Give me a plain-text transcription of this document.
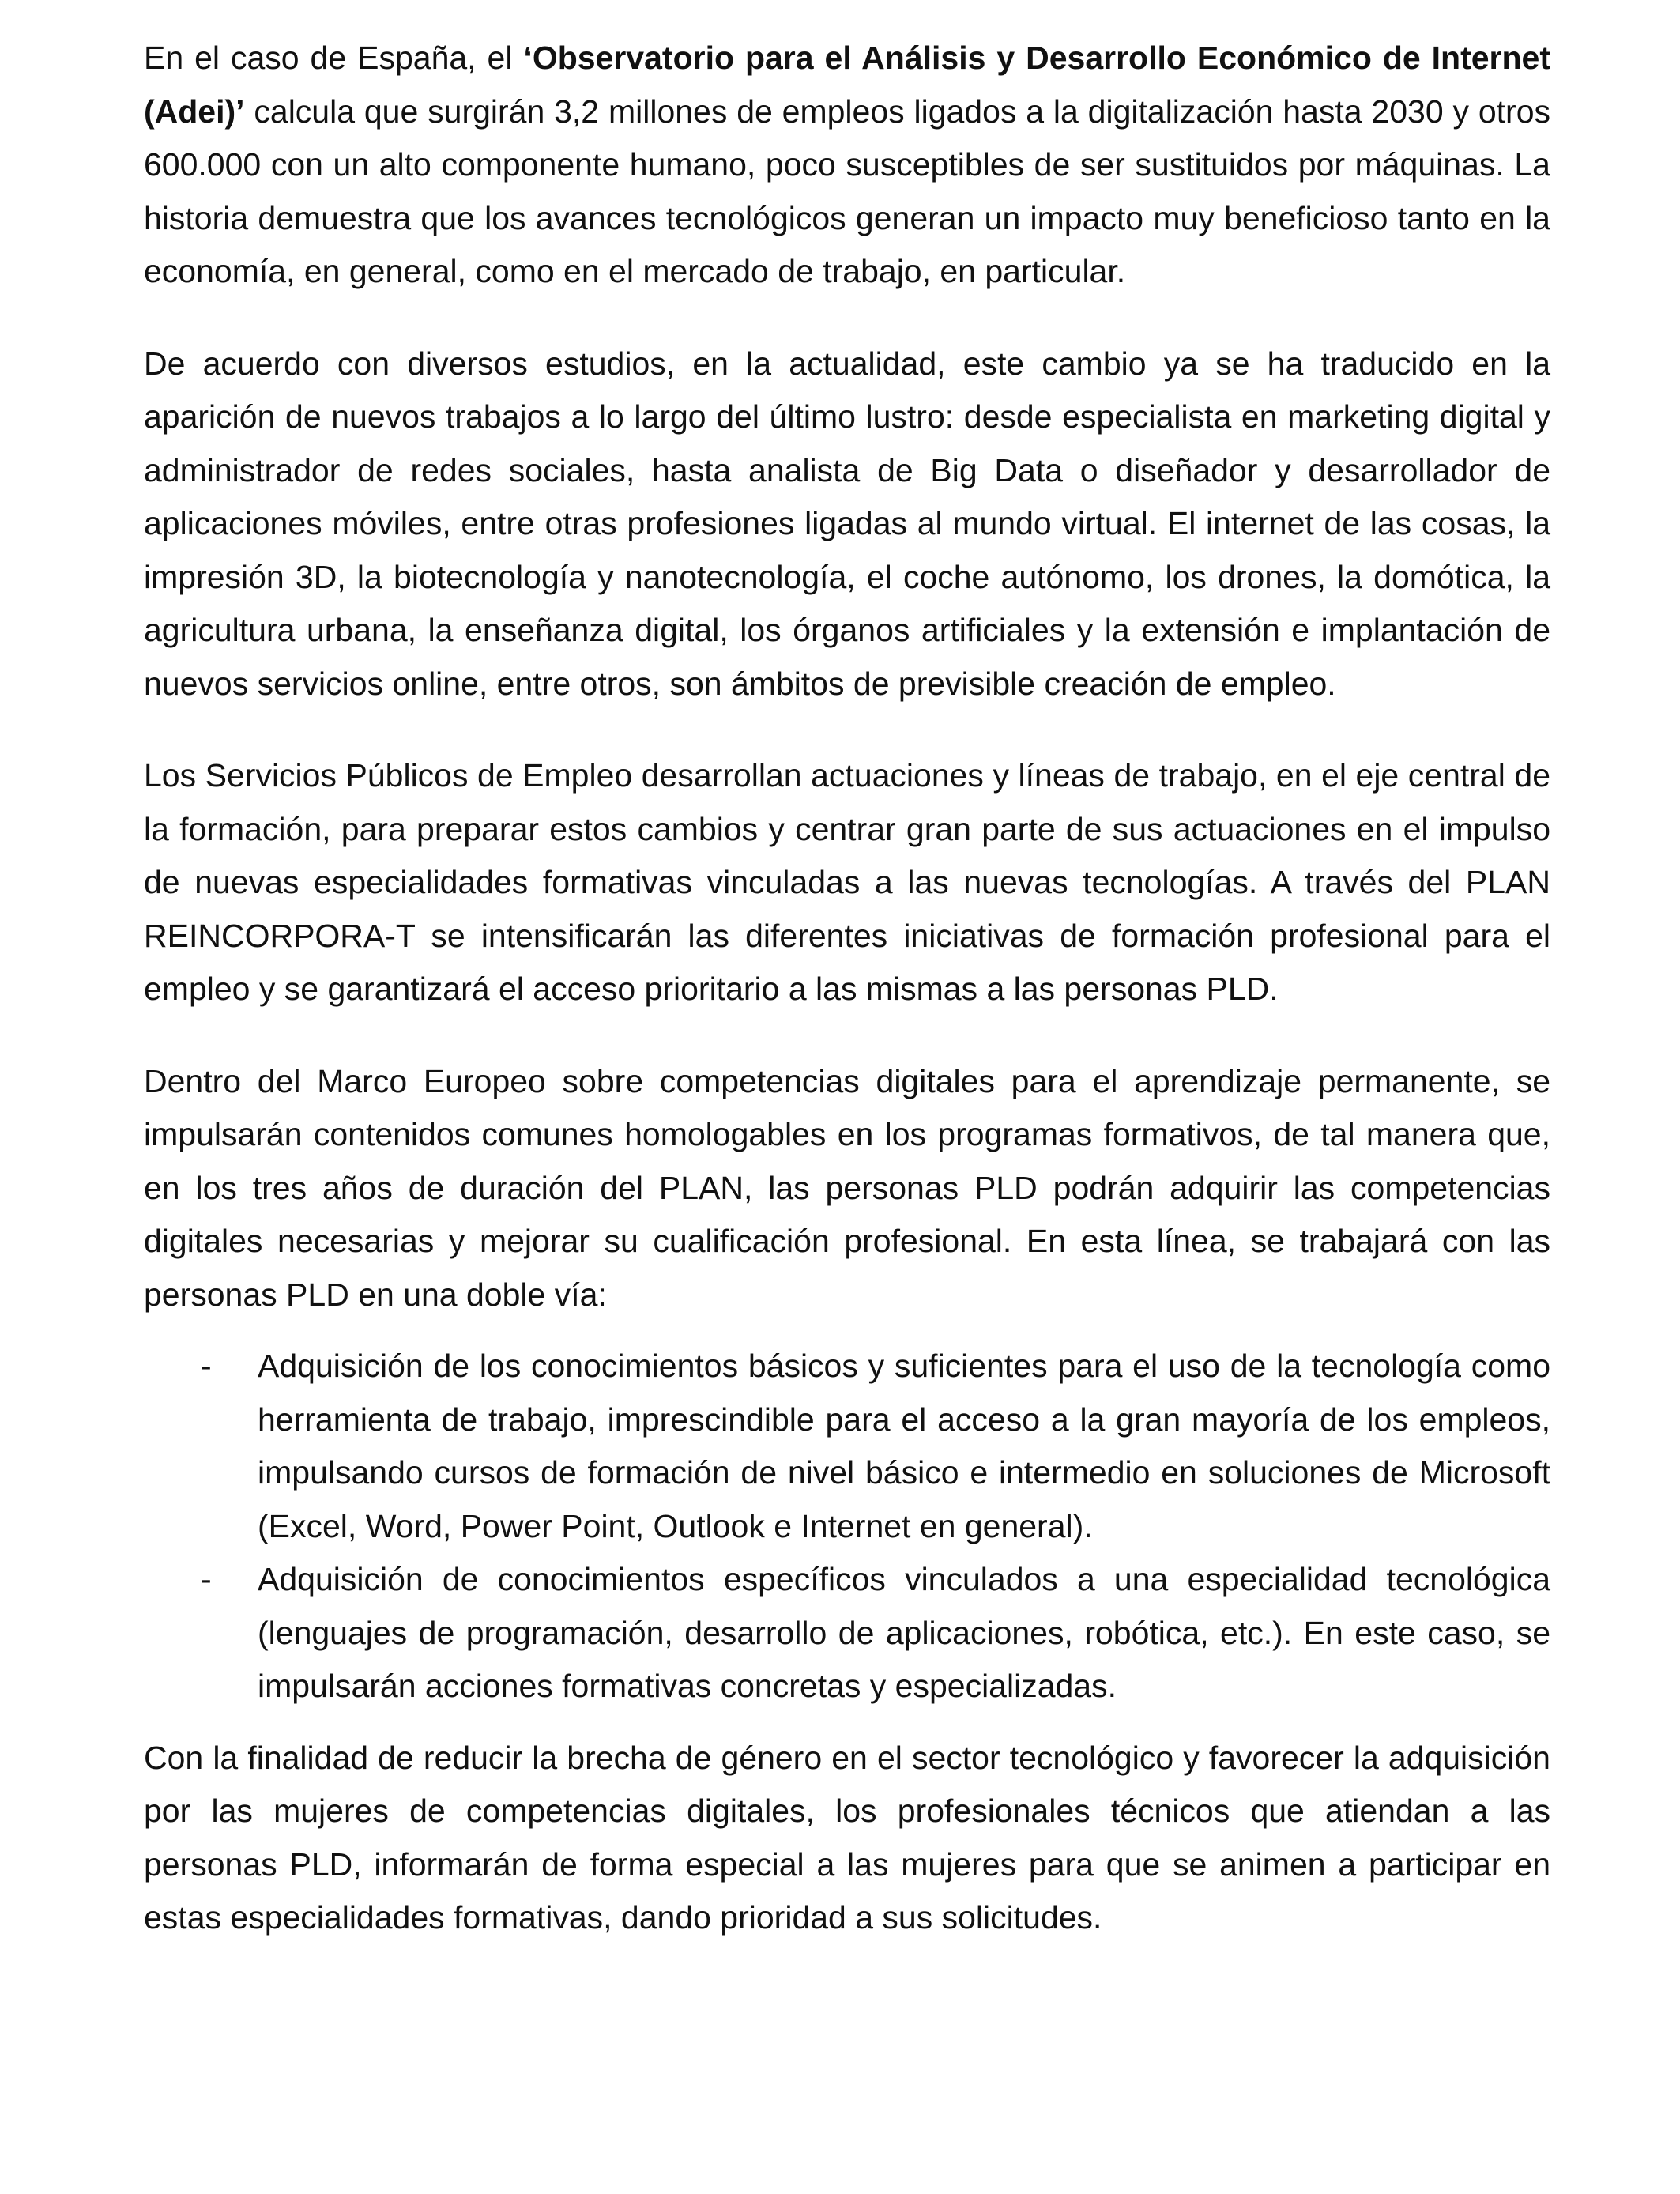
En el caso de España, el ‘Observatorio para el Análisis y Desarrollo Económico de Internet (Adei)’ calcula que surgirán 3,2 millones de empleos ligados a la digitalización hasta 2030 y otros 600.000 con un alto componente humano, poco susceptibles de ser sustituidos por máquinas. La historia demuestra que los avances tecnológicos generan un impacto muy beneficioso tanto en la economía, en general, como en el mercado de trabajo, en particular.

De acuerdo con diversos estudios, en la actualidad, este cambio ya se ha traducido en la aparición de nuevos trabajos a lo largo del último lustro: desde especialista en marketing digital y administrador de redes sociales, hasta analista de Big Data o diseñador y desarrollador de aplicaciones móviles, entre otras profesiones ligadas al mundo virtual. El internet de las cosas, la impresión 3D, la biotecnología y nanotecnología, el coche autónomo, los drones, la domótica, la agricultura urbana, la enseñanza digital, los órganos artificiales y la extensión e implantación de nuevos servicios online, entre otros, son ámbitos de previsible creación de empleo.

Los Servicios Públicos de Empleo desarrollan actuaciones y líneas de trabajo, en el eje central de la formación, para preparar estos cambios y centrar gran parte de sus actuaciones en el impulso de nuevas especialidades formativas vinculadas a las nuevas tecnologías. A través del PLAN REINCORPORA-T se intensificarán las diferentes iniciativas de formación profesional para el empleo y se garantizará el acceso prioritario a las mismas a las personas PLD.

Dentro del Marco Europeo sobre competencias digitales para el aprendizaje permanente, se impulsarán contenidos comunes homologables en los programas formativos, de tal manera que, en los tres años de duración del PLAN, las personas PLD podrán adquirir las competencias digitales necesarias y mejorar su cualificación profesional. En esta línea, se trabajará con las personas PLD en una doble vía:

-	Adquisición de los conocimientos básicos y suficientes para el uso de la tecnología como herramienta de trabajo, imprescindible para el acceso a la gran mayoría de los empleos, impulsando cursos de formación de nivel básico e intermedio en soluciones de Microsoft (Excel, Word, Power Point, Outlook e Internet en general).
-	Adquisición de conocimientos específicos vinculados a una especialidad tecnológica (lenguajes de programación, desarrollo de aplicaciones, robótica, etc.). En este caso, se impulsarán acciones formativas concretas y especializadas.

Con la finalidad de reducir la brecha de género en el sector tecnológico y favorecer la adquisición por las mujeres de competencias digitales, los profesionales técnicos que atiendan a las personas PLD, informarán de forma especial a las mujeres para que se animen a participar en estas especialidades formativas, dando prioridad a sus solicitudes.
